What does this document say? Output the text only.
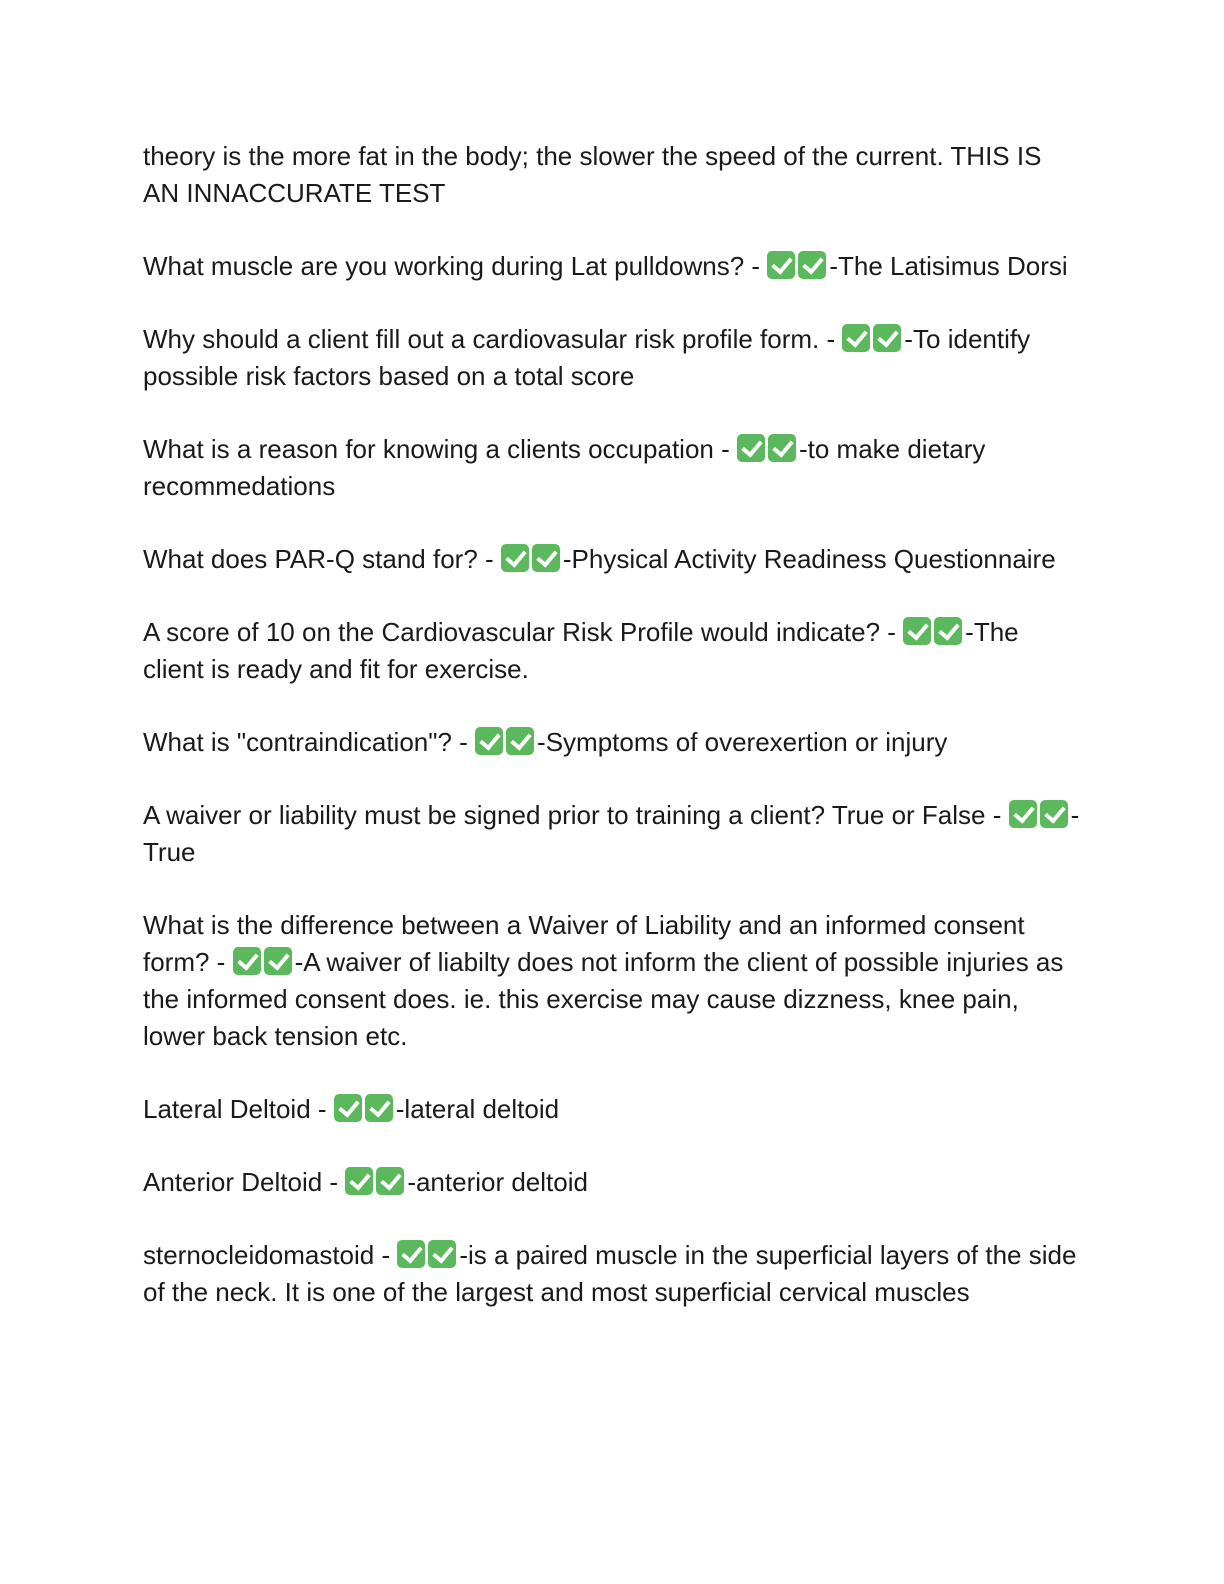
theory is the more fat in the body; the slower the speed of the current. THIS IS AN INNACCURATE TEST

What muscle are you working during Lat pulldowns? - -The Latisimus Dorsi

Why should a client fill out a cardiovasular risk profile form. - -To identify possible risk factors based on a total score

What is a reason for knowing a clients occupation - -to make dietary recommedations

What does PAR-Q stand for? - -Physical Activity Readiness Questionnaire

A score of 10 on the Cardiovascular Risk Profile would indicate? - -The client is ready and fit for exercise.

What is "contraindication"? - -Symptoms of overexertion or injury

A waiver or liability must be signed prior to training a client? True or False - -True

What is the difference between a Waiver of Liability and an informed consent form? - -A waiver of liabilty does not inform the client of possible injuries as the informed consent does. ie. this exercise may cause dizzness, knee pain, lower back tension etc.

Lateral Deltoid - -lateral deltoid

Anterior Deltoid - -anterior deltoid

sternocleidomastoid - -is a paired muscle in the superficial layers of the side of the neck. It is one of the largest and most superficial cervical muscles
